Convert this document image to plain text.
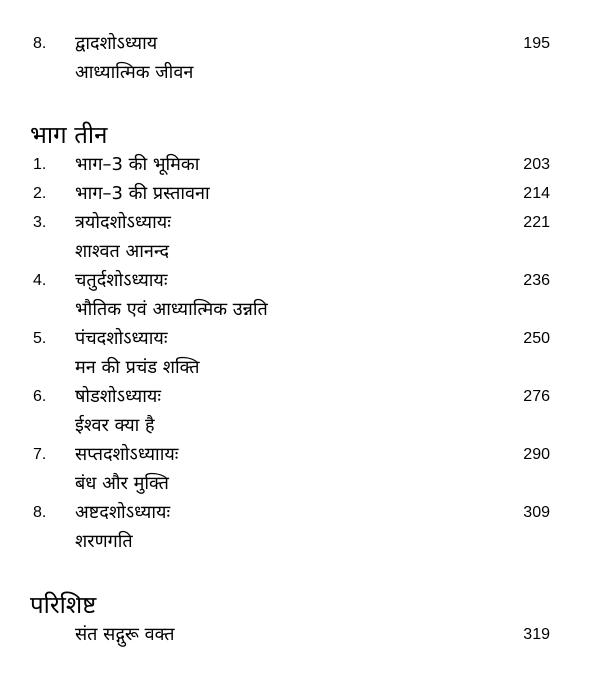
8. द्वादशोऽध्याय	195
आध्यात्मिक जीवन
भाग तीन
1. भाग–3 की भूमिका	203
2. भाग–3 की प्रस्तावना	214
3. त्रयोदशोऽध्यायः	221
शाश्वत आनन्द
4. चतुर्दशोऽध्यायः	236
भौतिक एवं आध्यात्मिक उन्नति
5. पंचदशोऽध्यायः	250
मन की प्रचंड शक्ति
6. षोडशोऽध्यायः	276
ईश्वर क्या है
7. सप्तदशोऽध्याायः	290
बंध और मुक्ति
8. अष्टदशोऽध्यायः	309
शरणगति
परिशिष्ट
संत सद्गुरू वक्त	319
